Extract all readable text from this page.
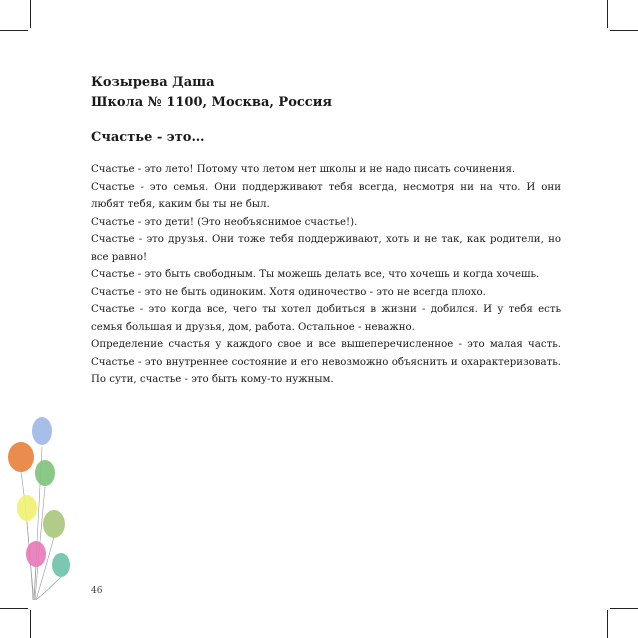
Козырева Даша
Школа № 1100, Москва, Россия
Счастье - это…

Счастье - это лето! Потому что летом нет школы и не надо писать сочинения.

Счастье - это семья. Они поддерживают тебя всегда, несмотря ни на что. И они любят тебя, каким бы ты не был.

Счастье - это дети! (Это необъяснимое счастье!).

Счастье - это друзья. Они тоже тебя поддерживают, хоть и не так, как родители, но все равно!

Счастье - это быть свободным. Ты можешь делать все, что хочешь и когда хочешь.

Счастье - это не быть одиноким. Хотя одиночество - это не всегда плохо.

Счастье - это когда все, чего ты хотел добиться в жизни - добился. И у тебя есть семья большая и друзья, дом, работа. Остальное - неважно.

Определение счастья у каждого свое и все вышеперечисленное - это малая часть. Счастье - это внутреннее состояние и его невозможно объяснить и охарактеризовать. По сути, счастье - это быть кому-то нужным.

46
